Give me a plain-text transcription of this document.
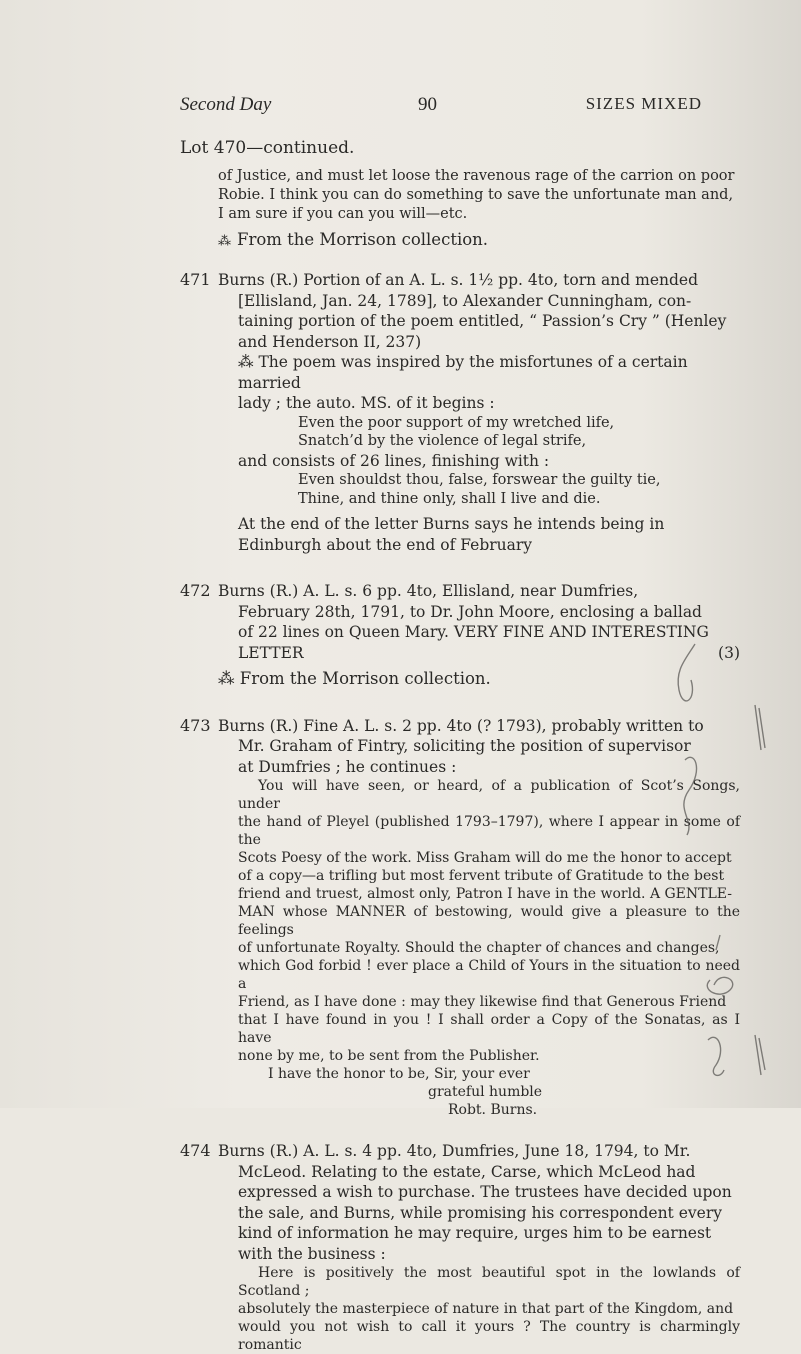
Second Day	90	SIZES MIXED
Lot 470—continued.
of Justice, and must let loose the ravenous rage of the carrion on poor
Robie. I think you can do something to save the unfortunate man and,
I am sure if you can you will—etc.
⁂ From the Morrison collection.
471 Burns (R.) Portion of an A. L. s. 1½ pp. 4to, torn and mended
[Ellisland, Jan. 24, 1789], to Alexander Cunningham, con-
taining portion of the poem entitled, “ Passion’s Cry ” (Henley
and Henderson II, 237)
⁂ The poem was inspired by the misfortunes of a certain married
lady ; the auto. MS. of it begins :
Even the poor support of my wretched life,
Snatch’d by the violence of legal strife,
and consists of 26 lines, finishing with :
Even shouldst thou, false, forswear the guilty tie,
Thine, and thine only, shall I live and die.
At the end of the letter Burns says he intends being in
Edinburgh about the end of February
472 Burns (R.) A. L. s. 6 pp. 4to, Ellisland, near Dumfries,
February 28th, 1791, to Dr. John Moore, enclosing a ballad
of 22 lines on Queen Mary. VERY FINE AND INTERESTING
LETTER	(3)
⁂ From the Morrison collection.
473 Burns (R.) Fine A. L. s. 2 pp. 4to (? 1793), probably written to
Mr. Graham of Fintry, soliciting the position of supervisor
at Dumfries ; he continues :
You will have seen, or heard, of a publication of Scot’s Songs, under
the hand of Pleyel (published 1793–1797), where I appear in some of the
Scots Poesy of the work. Miss Graham will do me the honor to accept
of a copy—a trifling but most fervent tribute of Gratitude to the best
friend and truest, almost only, Patron I have in the world. A GENTLE-
MAN whose MANNER of bestowing, would give a pleasure to the feelings
of unfortunate Royalty. Should the chapter of chances and changes,
which God forbid ! ever place a Child of Yours in the situation to need a
Friend, as I have done : may they likewise find that Generous Friend
that I have found in you ! I shall order a Copy of the Sonatas, as I have
none by me, to be sent from the Publisher.
I have the honor to be, Sir, your ever
grateful humble
Robt. Burns.
474 Burns (R.) A. L. s. 4 pp. 4to, Dumfries, June 18, 1794, to Mr.
McLeod. Relating to the estate, Carse, which McLeod had
expressed a wish to purchase. The trustees have decided upon
the sale, and Burns, while promising his correspondent every
kind of information he may require, urges him to be earnest
with the business :
Here is positively the most beautiful spot in the lowlands of Scotland ;
absolutely the masterpiece of nature in that part of the Kingdom, and
would you not wish to call it yours ? The country is charmingly romantic
